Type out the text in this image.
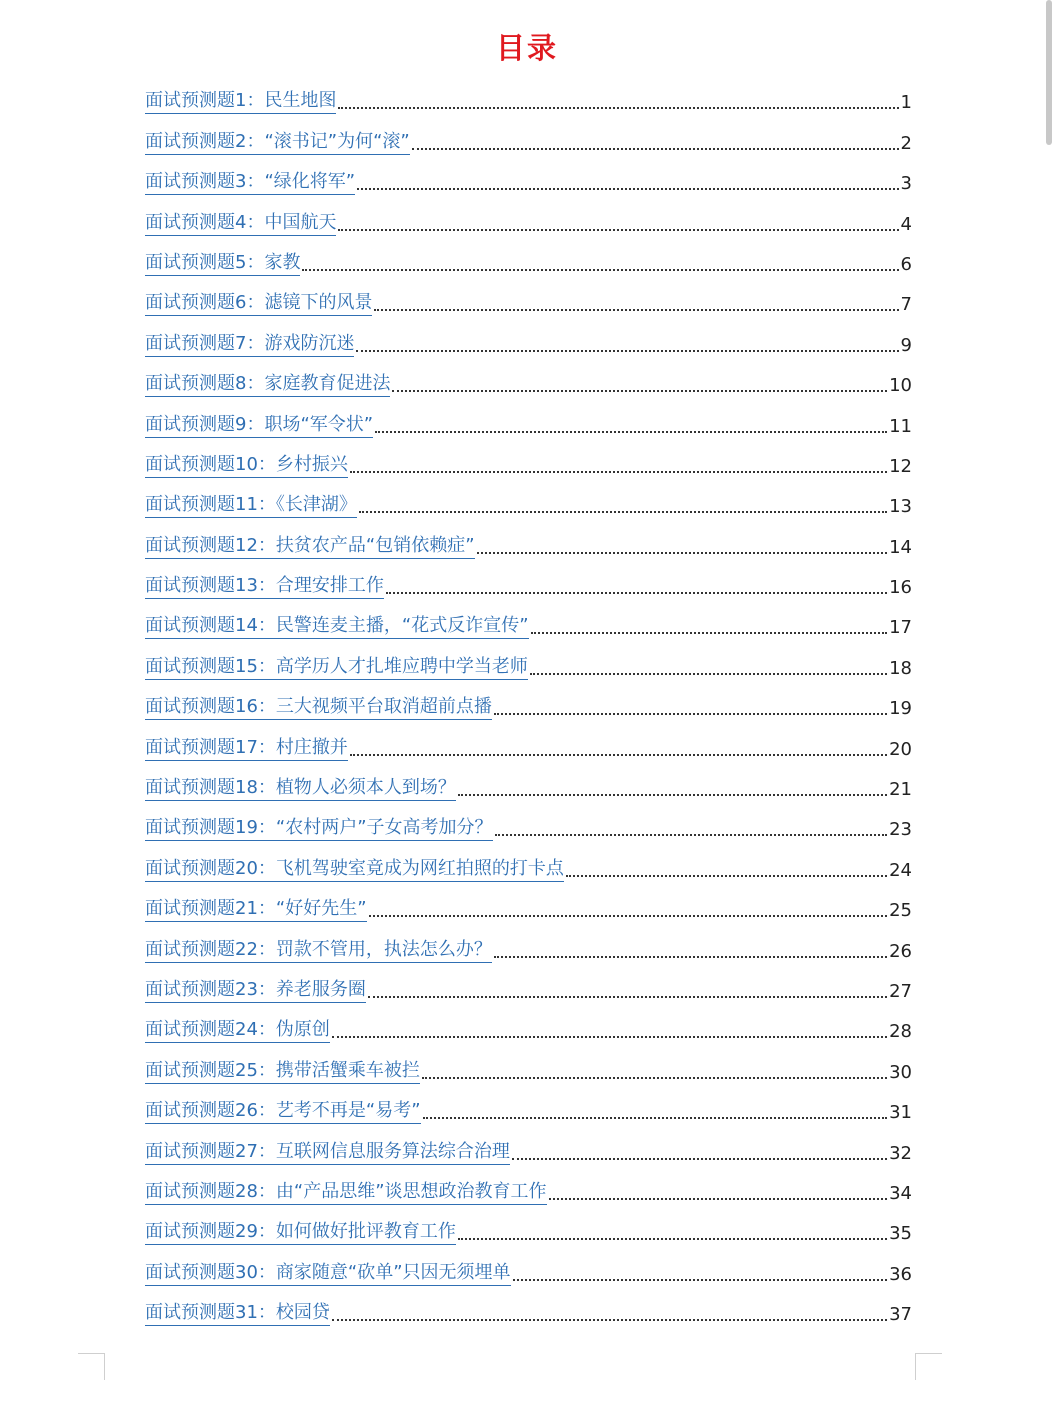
目录
面试预测题1：民生地图	1
面试预测题2：“滚书记”为何“滚”	2
面试预测题3：“绿化将军”	3
面试预测题4：中国航天	4
面试预测题5：家教	6
面试预测题6：滤镜下的风景	7
面试预测题7：游戏防沉迷	9
面试预测题8：家庭教育促进法	10
面试预测题9：职场“军令状”	11
面试预测题10：乡村振兴	12
面试预测题11：《长津湖》	13
面试预测题12：扶贫农产品“包销依赖症”	14
面试预测题13：合理安排工作	16
面试预测题14：民警连麦主播，“花式反诈宣传”	17
面试预测题15：高学历人才扎堆应聘中学当老师	18
面试预测题16：三大视频平台取消超前点播	19
面试预测题17：村庄撤并	20
面试预测题18：植物人必须本人到场？	21
面试预测题19：“农村两户”子女高考加分？	23
面试预测题20：飞机驾驶室竟成为网红拍照的打卡点	24
面试预测题21：“好好先生”	25
面试预测题22：罚款不管用，执法怎么办？	26
面试预测题23：养老服务圈	27
面试预测题24：伪原创	28
面试预测题25：携带活蟹乘车被拦	30
面试预测题26：艺考不再是“易考”	31
面试预测题27：互联网信息服务算法综合治理	32
面试预测题28：由“产品思维”谈思想政治教育工作	34
面试预测题29：如何做好批评教育工作	35
面试预测题30：商家随意“砍单”只因无须埋单	36
面试预测题31：校园贷	37
